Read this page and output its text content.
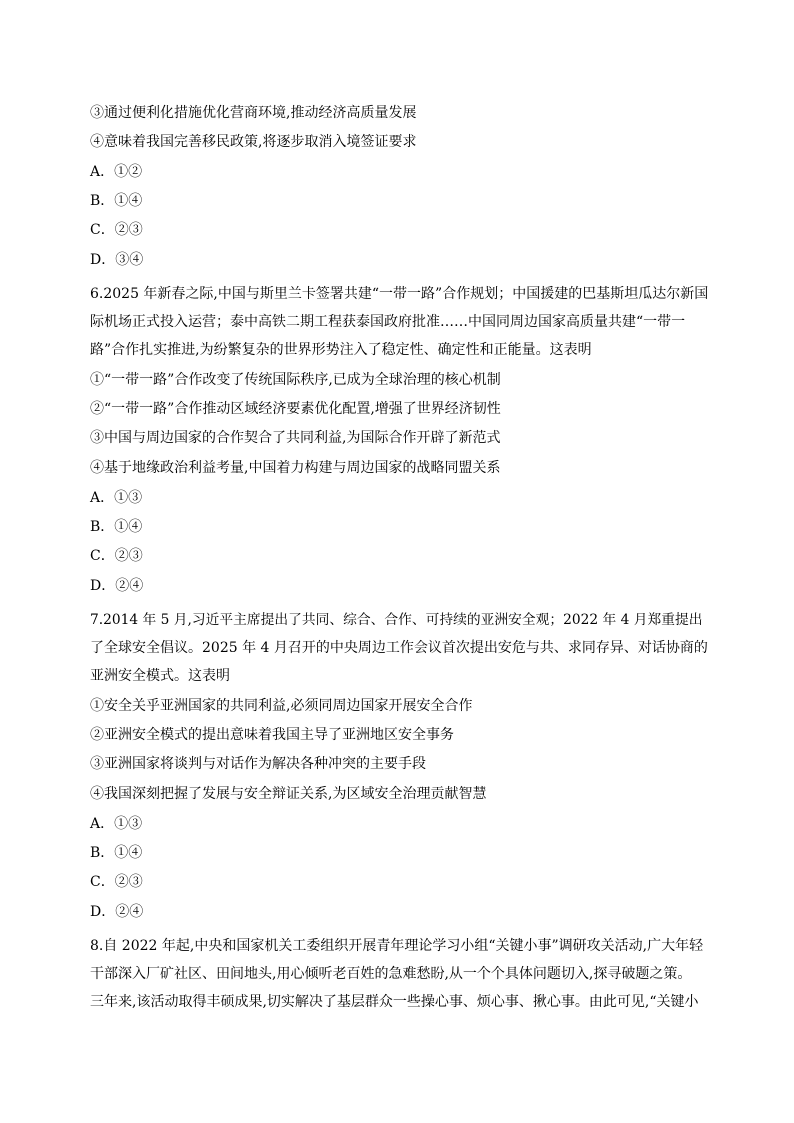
③通过便利化措施优化营商环境,推动经济高质量发展
④意味着我国完善移民政策,将逐步取消入境签证要求
A．①②
B．①④
C．②③
D．③④
6.2025 年新春之际,中国与斯里兰卡签署共建“一带一路”合作规划；中国援建的巴基斯坦瓜达尔新国
际机场正式投入运营；泰中高铁二期工程获泰国政府批准……中国同周边国家高质量共建“一带一
路”合作扎实推进,为纷繁复杂的世界形势注入了稳定性、确定性和正能量。这表明
①“一带一路”合作改变了传统国际秩序,已成为全球治理的核心机制
②“一带一路”合作推动区域经济要素优化配置,增强了世界经济韧性
③中国与周边国家的合作契合了共同利益,为国际合作开辟了新范式
④基于地缘政治利益考量,中国着力构建与周边国家的战略同盟关系
A．①③
B．①④
C．②③
D．②④
7.2014 年 5 月,习近平主席提出了共同、综合、合作、可持续的亚洲安全观；2022 年 4 月郑重提出
了全球安全倡议。2025 年 4 月召开的中央周边工作会议首次提出安危与共、求同存异、对话协商的
亚洲安全模式。这表明
①安全关乎亚洲国家的共同利益,必须同周边国家开展安全合作
②亚洲安全模式的提出意味着我国主导了亚洲地区安全事务
③亚洲国家将谈判与对话作为解决各种冲突的主要手段
④我国深刻把握了发展与安全辩证关系,为区域安全治理贡献智慧
A．①③
B．①④
C．②③
D．②④
8.自 2022 年起,中央和国家机关工委组织开展青年理论学习小组“关键小事”调研攻关活动,广大年轻
干部深入厂矿社区、田间地头,用心倾听老百姓的急难愁盼,从一个个具体问题切入,探寻破题之策。
三年来,该活动取得丰硕成果,切实解决了基层群众一些操心事、烦心事、揪心事。由此可见,“关键小
